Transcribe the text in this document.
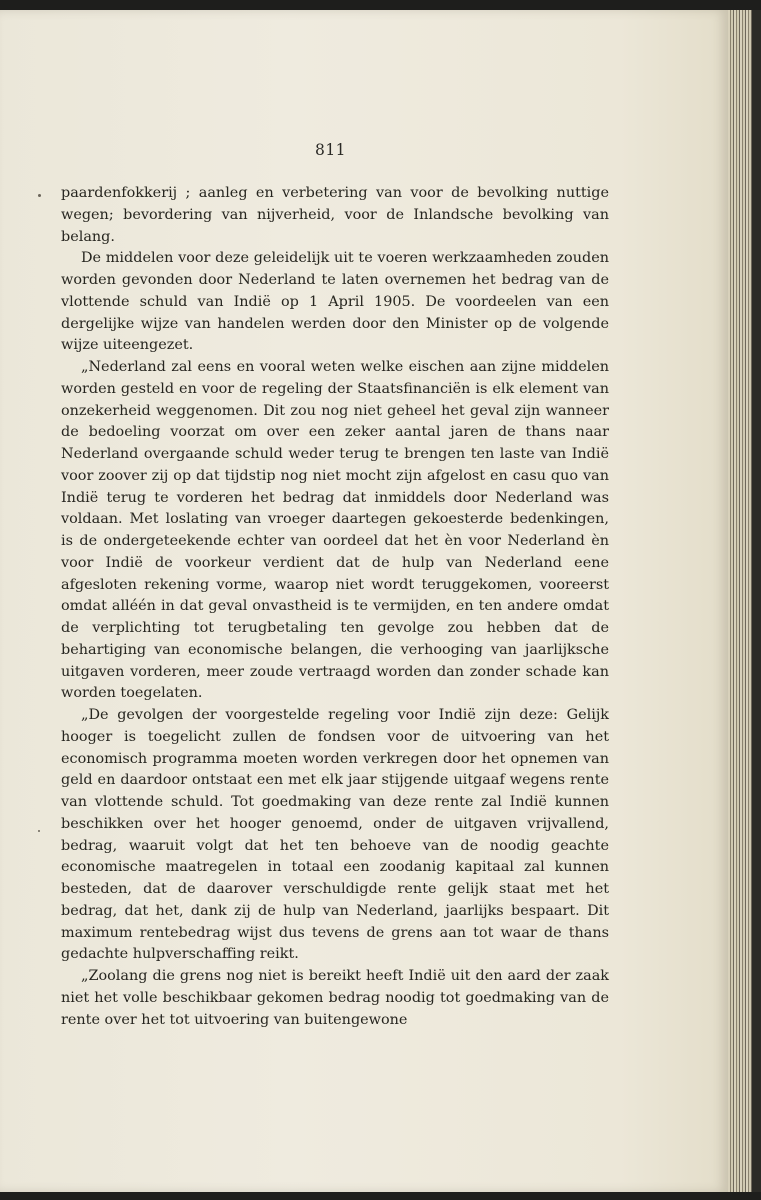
811

paardenfokkerij ; aanleg en verbetering van voor de bevolking nuttige wegen; bevordering van nijverheid, voor de Inlandsche bevolking van belang.

De middelen voor deze geleidelijk uit te voeren werkzaamheden zouden worden gevonden door Nederland te laten overnemen het bedrag van de vlottende schuld van Indië op 1 April 1905. De voordeelen van een dergelijke wijze van handelen werden door den Minister op de volgende wijze uiteengezet.

„Nederland zal eens en vooral weten welke eischen aan zijne middelen worden gesteld en voor de regeling der Staatsfinanciën is elk element van onzekerheid weggenomen. Dit zou nog niet geheel het geval zijn wanneer de bedoeling voorzat om over een zeker aantal jaren de thans naar Nederland overgaande schuld weder terug te brengen ten laste van Indië voor zoover zij op dat tijdstip nog niet mocht zijn afgelost en casu quo van Indië terug te vorderen het bedrag dat inmiddels door Nederland was voldaan. Met loslating van vroeger daartegen gekoesterde bedenkingen, is de ondergeteekende echter van oordeel dat het èn voor Nederland èn voor Indië de voorkeur verdient dat de hulp van Nederland eene afgesloten rekening vorme, waarop niet wordt teruggekomen, vooreerst omdat alléén in dat geval onvastheid is te vermijden, en ten andere omdat de verplichting tot terugbetaling ten gevolge zou hebben dat de behartiging van economische belangen, die verhooging van jaarlijksche uitgaven vorderen, meer zoude vertraagd worden dan zonder schade kan worden toegelaten.

„De gevolgen der voorgestelde regeling voor Indië zijn deze: Gelijk hooger is toegelicht zullen de fondsen voor de uitvoering van het economisch programma moeten worden verkregen door het opnemen van geld en daardoor ontstaat een met elk jaar stijgende uitgaaf wegens rente van vlottende schuld. Tot goedmaking van deze rente zal Indië kunnen beschikken over het hooger genoemd, onder de uitgaven vrijvallend, bedrag, waaruit volgt dat het ten behoeve van de noodig geachte economische maatregelen in totaal een zoodanig kapitaal zal kunnen besteden, dat de daarover verschuldigde rente gelijk staat met het bedrag, dat het, dank zij de hulp van Nederland, jaarlijks bespaart. Dit maximum rentebedrag wijst dus tevens de grens aan tot waar de thans gedachte hulpverschaffing reikt.

„Zoolang die grens nog niet is bereikt heeft Indië uit den aard der zaak niet het volle beschikbaar gekomen bedrag noodig tot goedmaking van de rente over het tot uitvoering van buitengewone
